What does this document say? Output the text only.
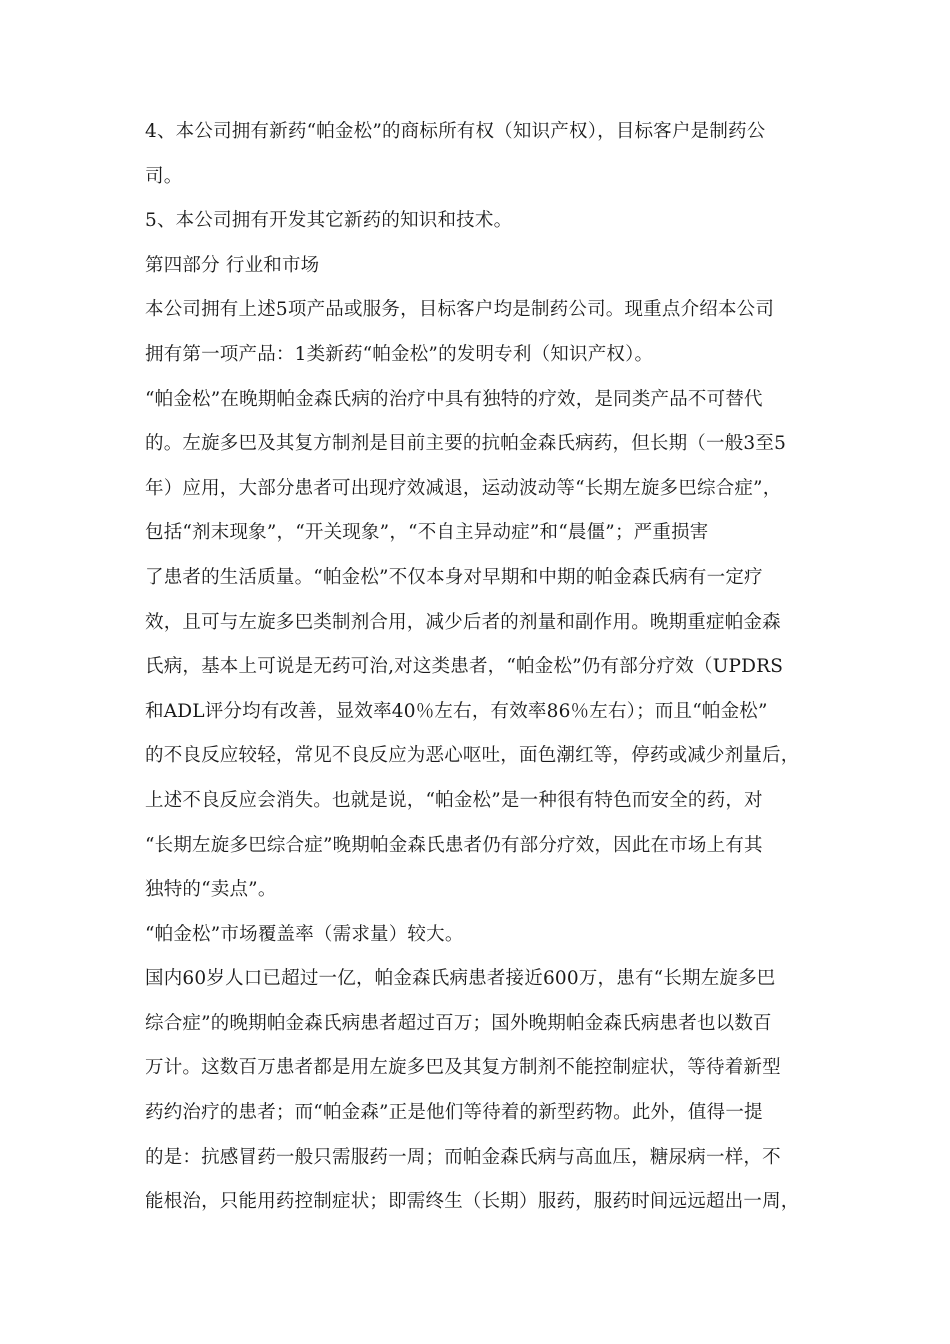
4、本公司拥有新药“帕金松”的商标所有权（知识产权），目标客户是制药公
司。
5、本公司拥有开发其它新药的知识和技术。
第四部分 行业和市场
本公司拥有上述5项产品或服务，目标客户均是制药公司。现重点介绍本公司
拥有第一项产品：1类新药“帕金松”的发明专利（知识产权）。
“帕金松”在晚期帕金森氏病的治疗中具有独特的疗效，是同类产品不可替代
的。左旋多巴及其复方制剂是目前主要的抗帕金森氏病药，但长期（一般3至5
年）应用，大部分患者可出现疗效减退，运动波动等“长期左旋多巴综合症”，
包括“剂末现象”，“开关现象”，“不自主异动症”和“晨僵”；严重损害
了患者的生活质量。“帕金松”不仅本身对早期和中期的帕金森氏病有一定疗
效，且可与左旋多巴类制剂合用，减少后者的剂量和副作用。晚期重症帕金森
氏病，基本上可说是无药可治,对这类患者，“帕金松”仍有部分疗效（UPDRS
和ADL评分均有改善，显效率40％左右，有效率86％左右）；而且“帕金松”
的不良反应较轻，常见不良反应为恶心呕吐，面色潮红等，停药或减少剂量后，
上述不良反应会消失。也就是说，“帕金松”是一种很有特色而安全的药，对
“长期左旋多巴综合症”晚期帕金森氏患者仍有部分疗效，因此在市场上有其
独特的“卖点”。
“帕金松”市场覆盖率（需求量）较大。
国内60岁人口已超过一亿，帕金森氏病患者接近600万，患有“长期左旋多巴
综合症”的晚期帕金森氏病患者超过百万；国外晚期帕金森氏病患者也以数百
万计。这数百万患者都是用左旋多巴及其复方制剂不能控制症状，等待着新型
药约治疗的患者；而“帕金森”正是他们等待着的新型药物。此外，值得一提
的是：抗感冒药一般只需服药一周；而帕金森氏病与高血压，糖尿病一样，不
能根治，只能用药控制症状；即需终生（长期）服药，服药时间远远超出一周，
